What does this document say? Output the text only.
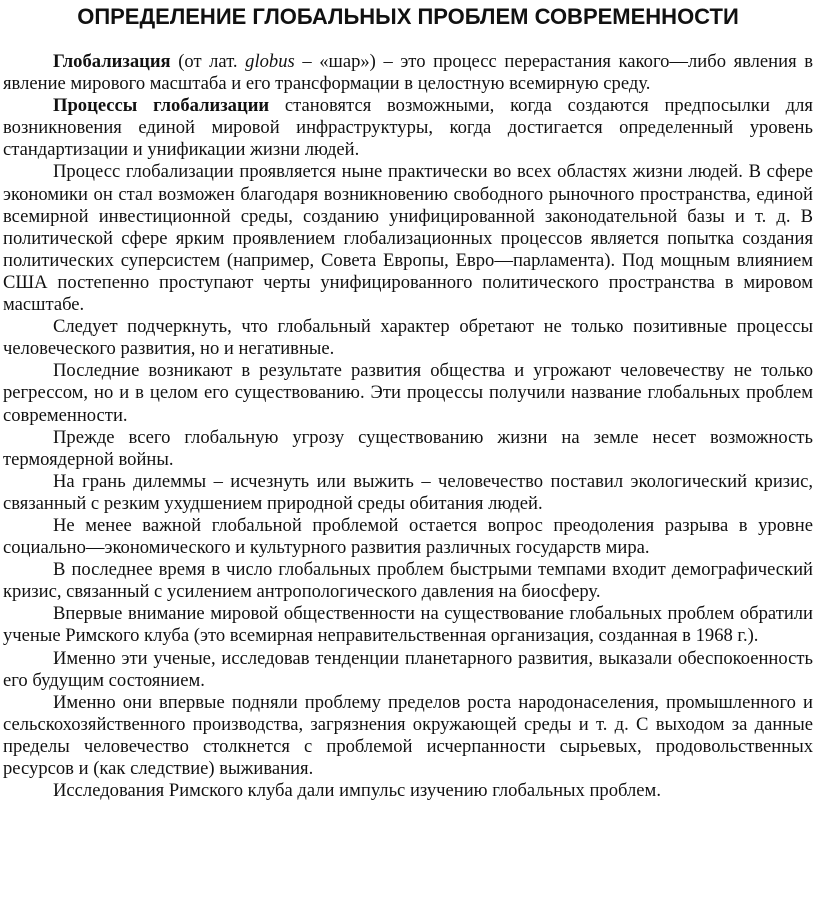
ОПРЕДЕЛЕНИЕ ГЛОБАЛЬНЫХ ПРОБЛЕМ СОВРЕМЕННОСТИ

Глобализация (от лат. globus – «шар») – это процесс перерастания какого—либо явления в явление мирового масштаба и его трансформации в целостную всемирную среду.

Процессы глобализации становятся возможными, когда создаются предпосылки для возникновения единой мировой инфраструктуры, когда достигается определенный уровень стандартизации и унификации жизни людей.

Процесс глобализации проявляется ныне практически во всех областях жизни людей. В сфере экономики он стал возможен благодаря возникновению свободного рыночного пространства, единой всемирной инвестиционной среды, созданию унифицированной законодательной базы и т. д. В политической сфере ярким проявлением глобализационных процессов является попытка создания политических суперсистем (например, Совета Европы, Евро—парламента). Под мощным влиянием США постепенно проступают черты унифицированного политического пространства в мировом масштабе.

Следует подчеркнуть, что глобальный характер обретают не только позитивные процессы человеческого развития, но и негативные.

Последние возникают в результате развития общества и угрожают человечеству не только регрессом, но и в целом его существованию. Эти процессы получили название глобальных проблем современности.

Прежде всего глобальную угрозу существованию жизни на земле несет возможность термоядерной войны.

На грань дилеммы – исчезнуть или выжить – человечество поставил экологический кризис, связанный с резким ухудшением природной среды обитания людей.

Не менее важной глобальной проблемой остается вопрос преодоления разрыва в уровне социально—экономического и культурного развития различных государств мира.

В последнее время в число глобальных проблем быстрыми темпами входит демографический кризис, связанный с усилением антропологического давления на биосферу.

Впервые внимание мировой общественности на существование глобальных проблем обратили ученые Римского клуба (это всемирная неправительственная организация, созданная в 1968 г.).

Именно эти ученые, исследовав тенденции планетарного развития, выказали обеспокоенность его будущим состоянием.

Именно они впервые подняли проблему пределов роста народонаселения, промышленного и сельскохозяйственного производства, загрязнения окружающей среды и т. д. С выходом за данные пределы человечество столкнется с проблемой исчерпанности сырьевых, продовольственных ресурсов и (как следствие) выживания.

Исследования Римского клуба дали импульс изучению глобальных проблем.
